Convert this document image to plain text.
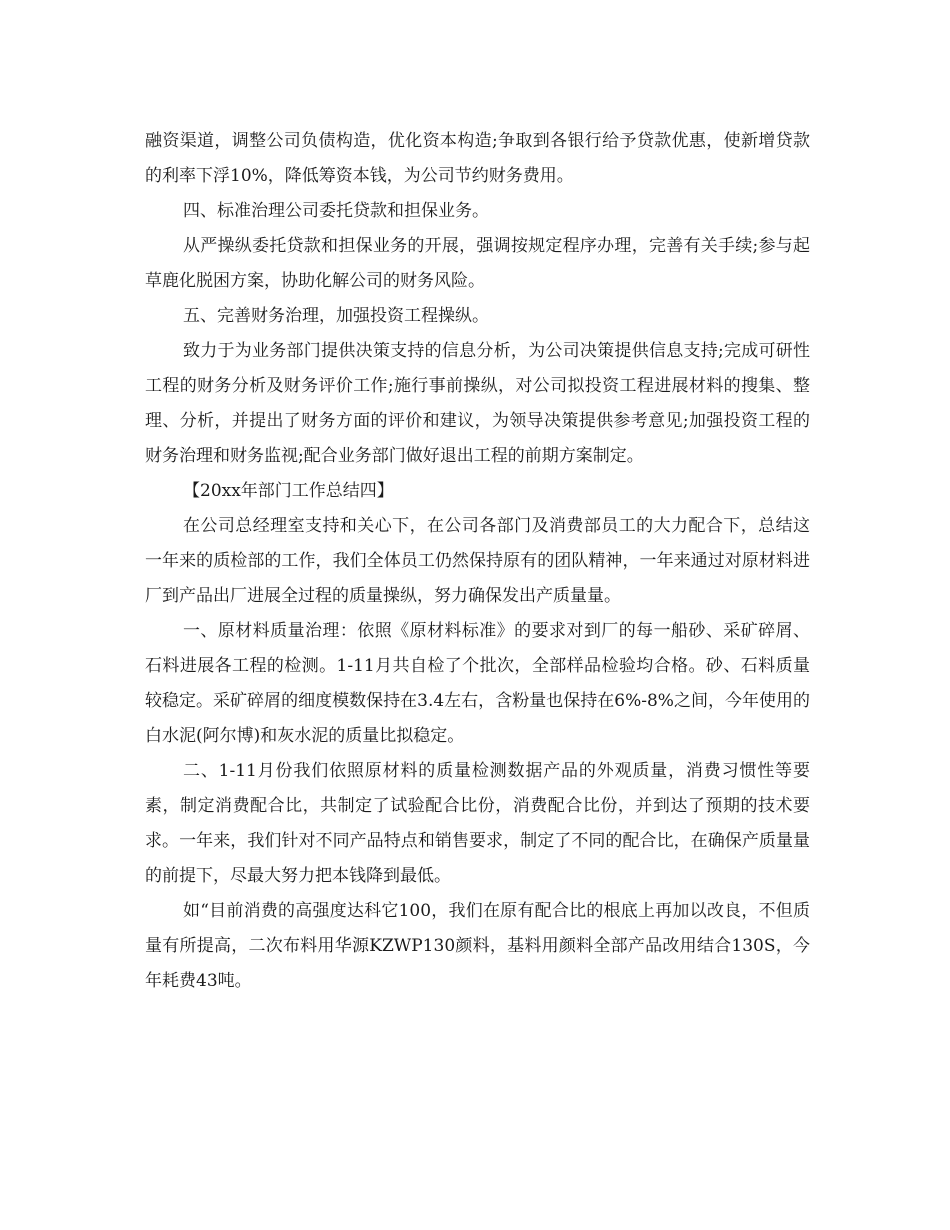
融资渠道，调整公司负债构造，优化资本构造;争取到各银行给予贷款优惠，使新增贷款的利率下浮10%，降低筹资本钱，为公司节约财务费用。

四、标准治理公司委托贷款和担保业务。

从严操纵委托贷款和担保业务的开展，强调按规定程序办理，完善有关手续;参与起草鹿化脱困方案，协助化解公司的财务风险。

五、完善财务治理，加强投资工程操纵。

致力于为业务部门提供决策支持的信息分析，为公司决策提供信息支持;完成可研性工程的财务分析及财务评价工作;施行事前操纵，对公司拟投资工程进展材料的搜集、整理、分析，并提出了财务方面的评价和建议，为领导决策提供参考意见;加强投资工程的财务治理和财务监视;配合业务部门做好退出工程的前期方案制定。

【20xx年部门工作总结四】

在公司总经理室支持和关心下，在公司各部门及消费部员工的大力配合下，总结这一年来的质检部的工作，我们全体员工仍然保持原有的团队精神，一年来通过对原材料进厂到产品出厂进展全过程的质量操纵，努力确保发出产质量量。

一、原材料质量治理：依照《原材料标准》的要求对到厂的每一船砂、采矿碎屑、石料进展各工程的检测。1-11月共自检了个批次，全部样品检验均合格。砂、石料质量较稳定。采矿碎屑的细度模数保持在3.4左右，含粉量也保持在6%-8%之间，今年使用的白水泥(阿尔博)和灰水泥的质量比拟稳定。

二、1-11月份我们依照原材料的质量检测数据产品的外观质量，消费习惯性等要素，制定消费配合比，共制定了试验配合比份，消费配合比份，并到达了预期的技术要求。一年来，我们针对不同产品特点和销售要求，制定了不同的配合比，在确保产质量量的前提下，尽最大努力把本钱降到最低。

如“目前消费的高强度达科它100，我们在原有配合比的根底上再加以改良，不但质量有所提高，二次布料用华源KZWP130颜料，基料用颜料全部产品改用结合130S，今年耗费43吨。
